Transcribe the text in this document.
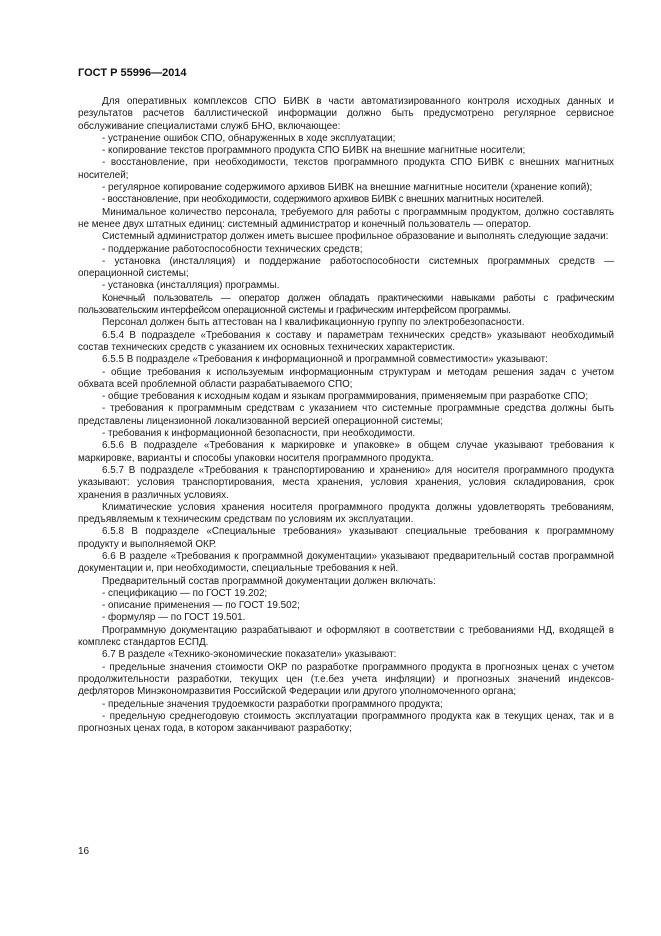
ГОСТ Р 55996—2014

Для оперативных комплексов СПО БИВК в части автоматизированного контроля исходных данных и результатов расчетов баллистической информации должно быть предусмотрено регулярное сервисное обслуживание специалистами служб БНО, включающее:

- устранение ошибок СПО, обнаруженных в ходе эксплуатации;

- копирование текстов программного продукта СПО БИВК на внешние магнитные носители;

- восстановление, при необходимости, текстов программного продукта СПО БИВК с внешних магнитных носителей;

- регулярное копирование содержимого архивов БИВК на внешние магнитные носители (хранение копий);

- восстановление, при необходимости, содержимого архивов БИВК с внешних магнитных носителей.

Минимальное количество персонала, требуемого для работы с программным продуктом, должно составлять не менее двух штатных единиц: системный администратор и конечный пользователь — оператор.

Системный администратор должен иметь высшее профильное образование и выполнять следующие задачи:

- поддержание работоспособности технических средств;

- установка (инсталляция) и поддержание работоспособности системных программных средств — операционной системы;

- установка (инсталляция) программы.

Конечный пользователь — оператор должен обладать практическими навыками работы с графическим пользовательским интерфейсом операционной системы и графическим интерфейсом программы.

Персонал должен быть аттестован на I квалификационную группу по электробезопасности.

6.5.4 В подразделе «Требования к составу и параметрам технических средств» указывают необходимый состав технических средств с указанием их основных технических характеристик.

6.5.5 В подразделе «Требования к информационной и программной совместимости» указывают:

- общие требования к используемым информационным структурам и методам решения задач с учетом обхвата всей проблемной области разрабатываемого СПО;

- общие требования к исходным кодам и языкам программирования, применяемым при разработке СПО;

- требования к программным средствам с указанием что системные программные средства должны быть представлены лицензионной локализованной версией операционной системы;

- требования к информационной безопасности, при необходимости.

6.5.6 В подразделе «Требования к маркировке и упаковке» в общем случае указывают требования к маркировке, варианты и способы упаковки носителя программного продукта.

6.5.7 В подразделе «Требования к транспортированию и хранению» для носителя программного продукта указывают: условия транспортирования, места хранения, условия хранения, условия складирования, срок хранения в различных условиях.

Климатические условия хранения носителя программного продукта должны удовлетворять требованиям, предъявляемым к техническим средствам по условиям их эксплуатации.

6.5.8 В подразделе «Специальные требования» указывают специальные требования к программному продукту и выполняемой ОКР.

6.6 В разделе «Требования к программной документации» указывают предварительный состав программной документации и, при необходимости, специальные требования к ней.

Предварительный состав программной документации должен включать:

- спецификацию — по ГОСТ 19.202;

- описание применения — по ГОСТ 19.502;

- формуляр — по ГОСТ 19.501.

Программную документацию разрабатывают и оформляют в соответствии с требованиями НД, входящей в комплекс стандартов ЕСПД.

6.7 В разделе «Технико-экономические показатели» указывают:

- предельные значения стоимости ОКР по разработке программного продукта в прогнозных ценах с учетом продолжительности разработки, текущих цен (т.е.без учета инфляции) и прогнозных значений индексов-дефляторов Минэкономразвития Российской Федерации или другого уполномоченного органа;

- предельные значения трудоемкости разработки программного продукта;

- предельную среднегодовую стоимость эксплуатации программного продукта как в текущих ценах, так и в прогнозных ценах года, в котором заканчивают разработку;

16
